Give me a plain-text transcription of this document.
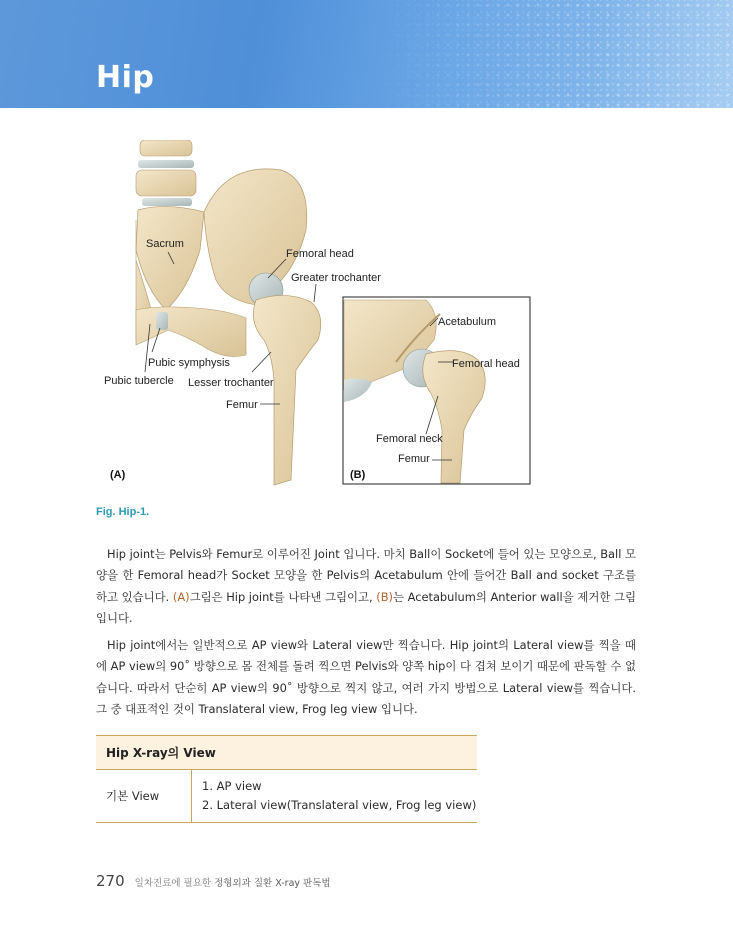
Hip
Sacrum
Femoral head
Greater trochanter
Pubic symphysis
Pubic tubercle Lesser trochanter
Femur
(A)
Acetabulum
Femoral head
Femoral neck
Femur
(B)
Fig. Hip-1.

Hip joint는 Pelvis와 Femur로 이루어진 Joint 입니다. 마치 Ball이 Socket에 들어 있는 모양으로, Ball 모양을 한 Femoral head가 Socket 모양을 한 Pelvis의 Acetabulum 안에 들어간 Ball and socket 구조를 하고 있습니다. (A)그림은 Hip joint를 나타낸 그림이고, (B)는 Acetabulum의 Anterior wall을 제거한 그림입니다.

Hip joint에서는 일반적으로 AP view와 Lateral view만 찍습니다. Hip joint의 Lateral view를 찍을 때에 AP view의 90˚ 방향으로 몸 전체를 돌려 찍으면 Pelvis와 양쪽 hip이 다 겹쳐 보이기 때문에 판독할 수 없습니다. 따라서 단순히 AP view의 90˚ 방향으로 찍지 않고, 여러 가지 방법으로 Lateral view를 찍습니다. 그 중 대표적인 것이 Translateral view, Frog leg view 입니다.

Hip X-ray의 View
기본 View
1. AP view
2. Lateral view(Translateral view, Frog leg view)
270 일차진료에 필요한 정형외과 질환 X-ray 판독법
